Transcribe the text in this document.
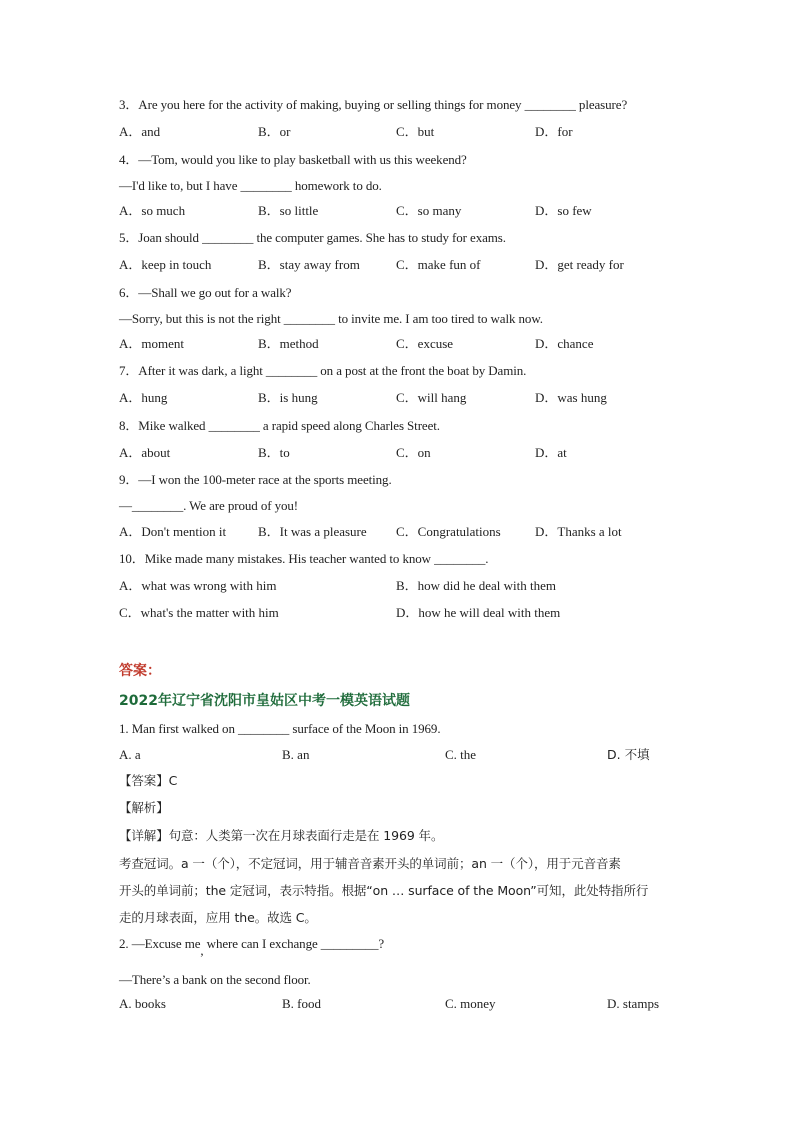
3．Are you here for the activity of making, buying or selling things for money ________ pleasure?
A．and	B．or	C．but	D．for
4．—Tom, would you like to play basketball with us this weekend?
—I'd like to, but I have ________ homework to do.
A．so much	B．so little	C．so many	D．so few
5．Joan should ________ the computer games. She has to study for exams.
A．keep in touch	B．stay away from	C．make fun of	D．get ready for
6．—Shall we go out for a walk?
—Sorry, but this is not the right ________ to invite me. I am too tired to walk now.
A．moment	B．method	C．excuse	D．chance
7．After it was dark, a light ________ on a post at the front the boat by Damin.
A．hung	B．is hung	C．will hang	D．was hung
8．Mike walked ________ a rapid speed along Charles Street.
A．about	B．to	C．on	D．at
9．—I won the 100-meter race at the sports meeting.
—________. We are proud of you!
A．Don't mention it B．It was a pleasure C．Congratulations	D．Thanks a lot
10．Mike made many mistakes. His teacher wanted to know ________.
A．what was wrong with him	B．how did he deal with them
C．what's the matter with him	D．how he will deal with them
答案：
2022年辽宁省沈阳市皇姑区中考一模英语试题
1. Man first walked on ________ surface of the Moon in 1969.
A. a	B. an	C. the	D. 不填
【答案】C
【解析】
【详解】句意：人类第一次在月球表面行走是在 1969 年。
考查冠词。a 一（个），不定冠词，用于辅音音素开头的单词前；an 一（个），用于元音音素
开头的单词前；the 定冠词，表示特指。根据“on … surface of the Moon”可知，此处特指所行
走的月球表面，应用 the。故选 C。
2. —Excuse me, where can I exchange _________?
—There’s a bank on the second floor.
A. books	B. food	C. money	D. stamps
